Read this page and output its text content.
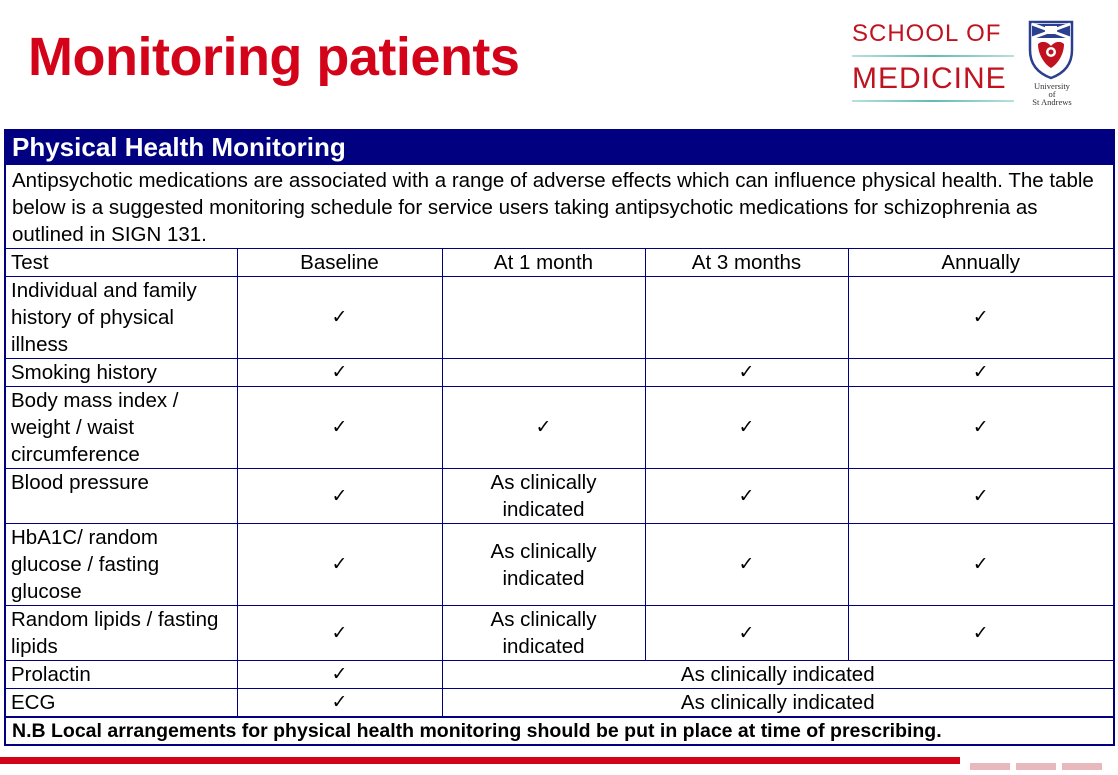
Monitoring patients	SCHOOL OF
MEDICINE	University
of
St Andrews
Physical Health Monitoring
Antipsychotic medications are associated with a range of adverse effects which can influence physical health. The table below is a suggested monitoring schedule for service users taking antipsychotic medications for schizophrenia as outlined in SIGN 131.
Test	Baseline	At 1 month	At 3 months	Annually
Individual and family history of physical illness	✓			✓
Smoking history	✓		✓	✓
Body mass index / weight / waist circumference	✓	✓	✓	✓
Blood pressure	✓	As clinically indicated	✓	✓
HbA1C/ random glucose / fasting glucose	✓	As clinically indicated	✓	✓
Random lipids / fasting lipids	✓	As clinically indicated	✓	✓
Prolactin	✓	As clinically indicated		
ECG	✓	As clinically indicated		
N.B Local arrangements for physical health monitoring should be put in place at time of prescribing.
